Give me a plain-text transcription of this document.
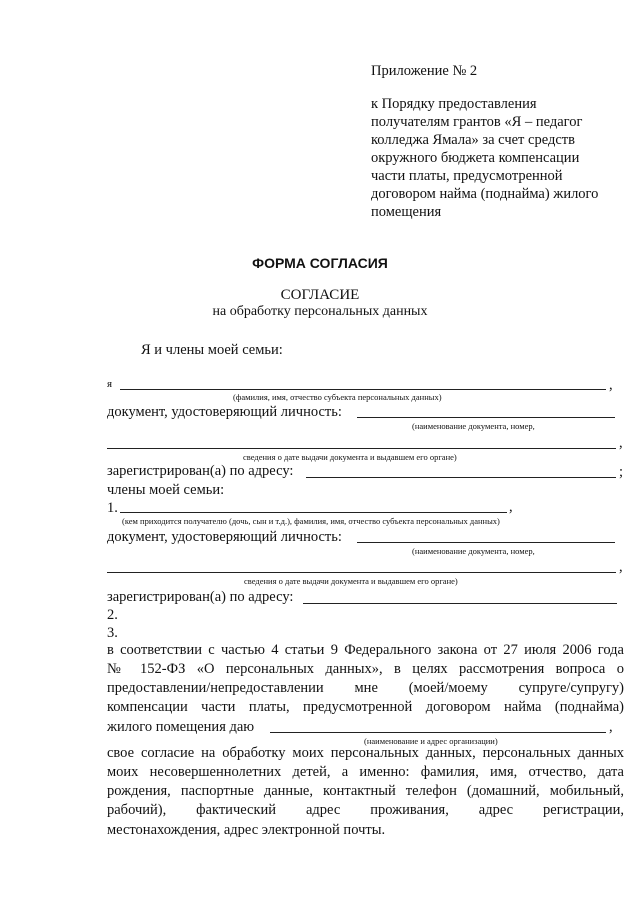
Приложение № 2
к Порядку предоставления
получателям грантов «Я – педагог
колледжа Ямала» за счет средств
окружного бюджета компенсации
части платы, предусмотренной
договором найма (поднайма) жилого
помещения
ФОРМА СОГЛАСИЯ
СОГЛАСИЕ
на обработку персональных данных
Я и члены моей семьи:
я	,
(фамилия, имя, отчество субъекта персональных данных)
документ, удостоверяющий личность:
(наименование документа, номер,
,
сведения о дате выдачи документа и выдавшем его органе)
зарегистрирован(а) по адресу:	;
члены моей семьи:
1.	,
(кем приходится получателю (дочь, сын и т.д.), фамилия, имя, отчество субъекта персональных данных)
документ, удостоверяющий личность:
(наименование документа, номер,
,
сведения о дате выдачи документа и выдавшем его органе)
зарегистрирован(а) по адресу:
2.
3.
в соответствии с частью 4 статьи 9 Федерального закона от 27 июля 2006 года
№ 152-ФЗ «О персональных данных», в целях рассмотрения вопроса о
предоставлении/непредоставлении мне (моей/моему супруге/супругу)
компенсации части платы, предусмотренной договором найма (поднайма)
жилого помещения даю	,
(наименование и адрес организации)
свое согласие на обработку моих персональных данных, персональных данных
моих несовершеннолетних детей, а именно: фамилия, имя, отчество, дата
рождения, паспортные данные, контактный телефон (домашний, мобильный,
рабочий), фактический адрес проживания, адрес регистрации,
местонахождения, адрес электронной почты.
